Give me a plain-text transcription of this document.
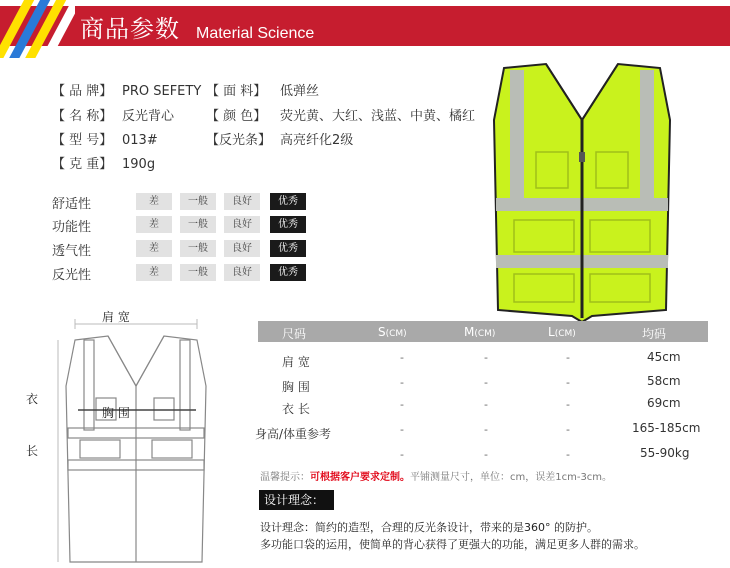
商品参数 Material Science
【 品 牌】 PRO SEFETY
【 名 称】 反光背心
【 型 号】 013#
【 克 重】 190g
【 面 料】 低弹丝
【 颜 色】 荧光黄、大红、浅蓝、中黄、橘红
【反光条】 高亮纤化2级
舒适性	差	一般	良好	优秀
功能性	差	一般	良好	优秀
透气性	差	一般	良好	优秀
反光性	差	一般	良好	优秀
肩 宽
衣
长
胸 围
尺码	S(CM)	M(CM)	L(CM)	均码
肩 宽	-	-	-	45cm
胸 围	-	-	-	58cm
衣 长	-	-	-	69cm
身高/体重参考	-	-	-	165-185cm
-	-	-	55-90kg
温馨提示：可根据客户要求定制。平铺测量尺寸，单位：cm，误差1cm-3cm。
设计理念：
设计理念：简约的造型，合理的反光条设计，带来的是360° 的防护。
多功能口袋的运用，使简单的背心获得了更强大的功能，满足更多人群的需求。
